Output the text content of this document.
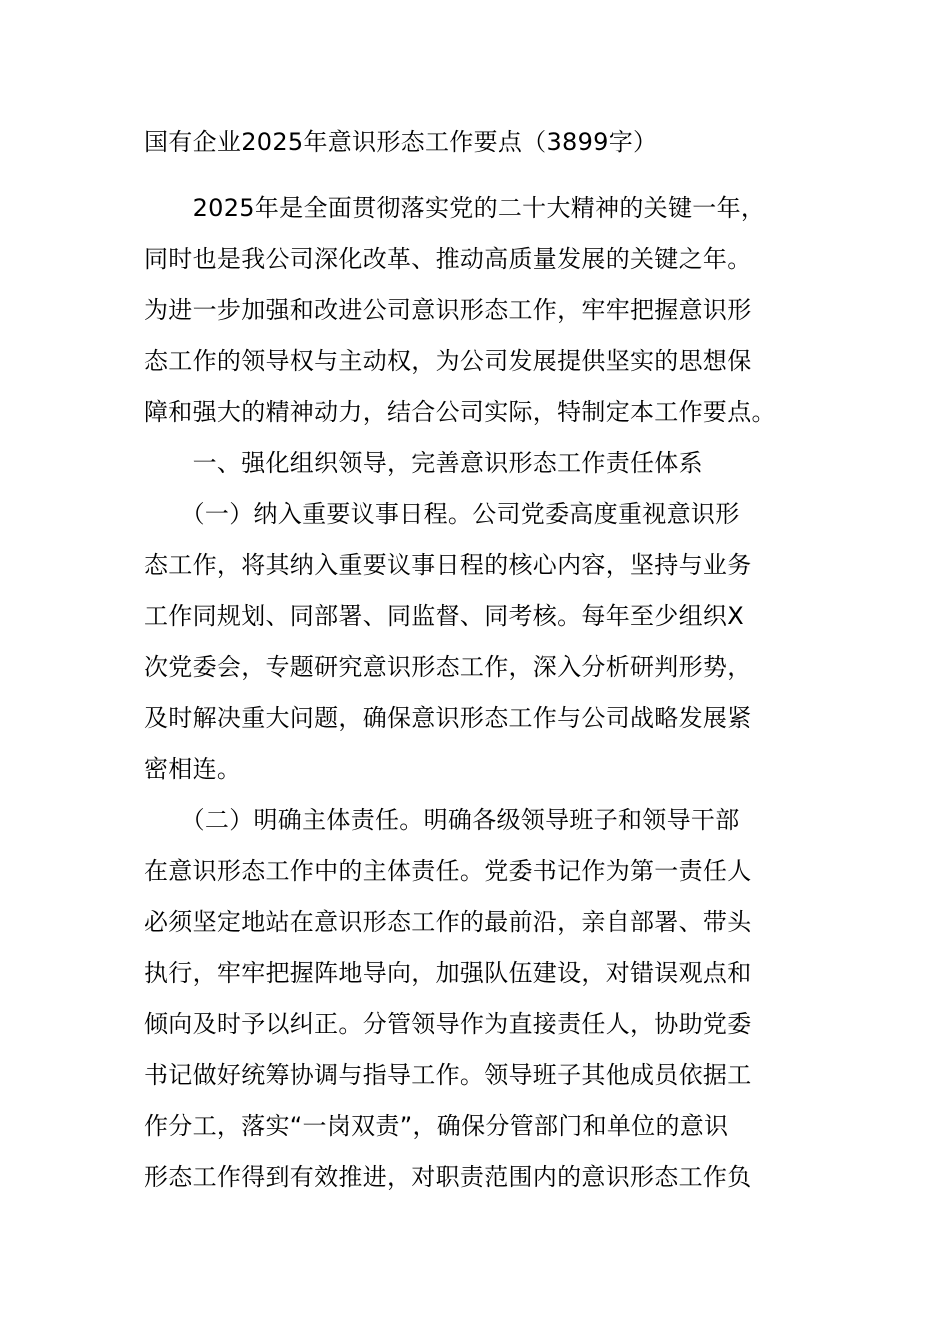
国有企业2025年意识形态工作要点（3899字）
　　2025年是全面贯彻落实党的二十大精神的关键一年，
同时也是我公司深化改革、推动高质量发展的关键之年。
为进一步加强和改进公司意识形态工作，牢牢把握意识形
态工作的领导权与主动权，为公司发展提供坚实的思想保
障和强大的精神动力，结合公司实际，特制定本工作要点。
　　一、强化组织领导，完善意识形态工作责任体系
　　（一）纳入重要议事日程。公司党委高度重视意识形
态工作，将其纳入重要议事日程的核心内容，坚持与业务
工作同规划、同部署、同监督、同考核。每年至少组织X
次党委会，专题研究意识形态工作，深入分析研判形势，
及时解决重大问题，确保意识形态工作与公司战略发展紧
密相连。
　　（二）明确主体责任。明确各级领导班子和领导干部
在意识形态工作中的主体责任。党委书记作为第一责任人
必须坚定地站在意识形态工作的最前沿，亲自部署、带头
执行，牢牢把握阵地导向，加强队伍建设，对错误观点和
倾向及时予以纠正。分管领导作为直接责任人，协助党委
书记做好统筹协调与指导工作。领导班子其他成员依据工
作分工，落实“一岗双责”，确保分管部门和单位的意识
形态工作得到有效推进，对职责范围内的意识形态工作负
